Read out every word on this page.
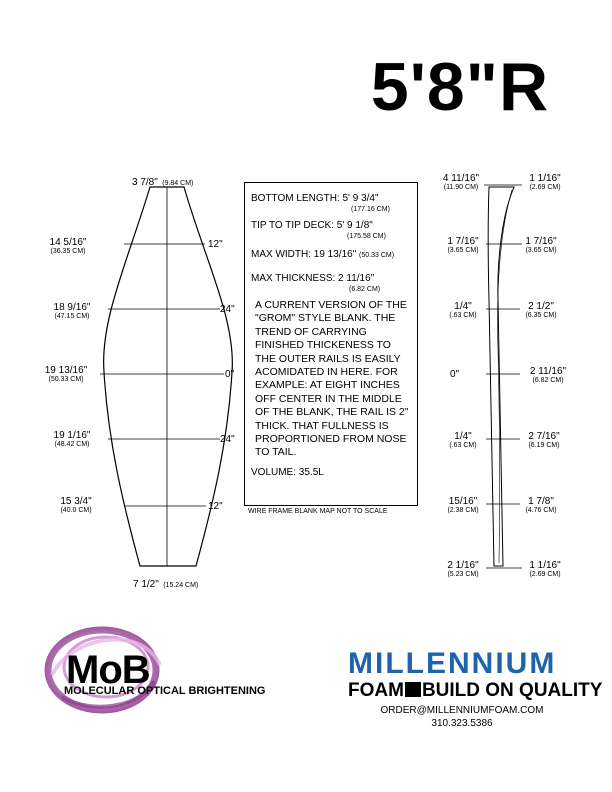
5'8"R
3 7/8" (9.84 CM)
7 1/2" (15.24 CM)
14 5/16"
(36.35 CM)
12"
18 9/16"
(47.15 CM)
24"
19 13/16"
(50.33 CM)	0"
19 1/16"
(48.42 CM)	24"
15 3/4"
(40.0 CM)	12"
BOTTOM LENGTH: 5' 9 3/4"
(177.16 CM)
TIP TO TIP DECK: 5' 9 1/8"
(175.58 CM)
MAX WIDTH: 19 13/16" (50.33 CM)
MAX THICKNESS: 2 11/16"
(6.82 CM)
A CURRENT VERSION OF THE "GROM" STYLE BLANK. THE TREND OF CARRYING FINISHED THICKENESS TO THE OUTER RAILS IS EASILY ACOMIDATED IN HERE. FOR EXAMPLE: AT EIGHT INCHES OFF CENTER IN THE MIDDLE OF THE BLANK, THE RAIL IS 2" THICK. THAT FULLNESS IS PROPORTIONED FROM NOSE TO TAIL.
VOLUME: 35.5L
WIRE FRAME BLANK MAP NOT TO SCALE
4 11/16"
(11.90 CM)
1 1/16"
(2.69 CM)
1 7/16"
(3.65 CM)
1 7/16"
(3.65 CM)
1/4"
(.63 CM)
2 1/2"
(6.35 CM)
0"	2 11/16"
(6.82 CM)
1/4"
(.63 CM)
2 7/16"
(6.19 CM)
15/16"
(2.38 CM)
1 7/8"
(4.76 CM)
2 1/16"
(5.23 CM)
1 1/16"
(2.69 CM)
MoB
MOLECULAR OPTICAL BRIGHTENING
MILLENNIUM
FOAM BUILD ON QUALITY
ORDER@MILLENNIUMFOAM.COM
310.323.5386
